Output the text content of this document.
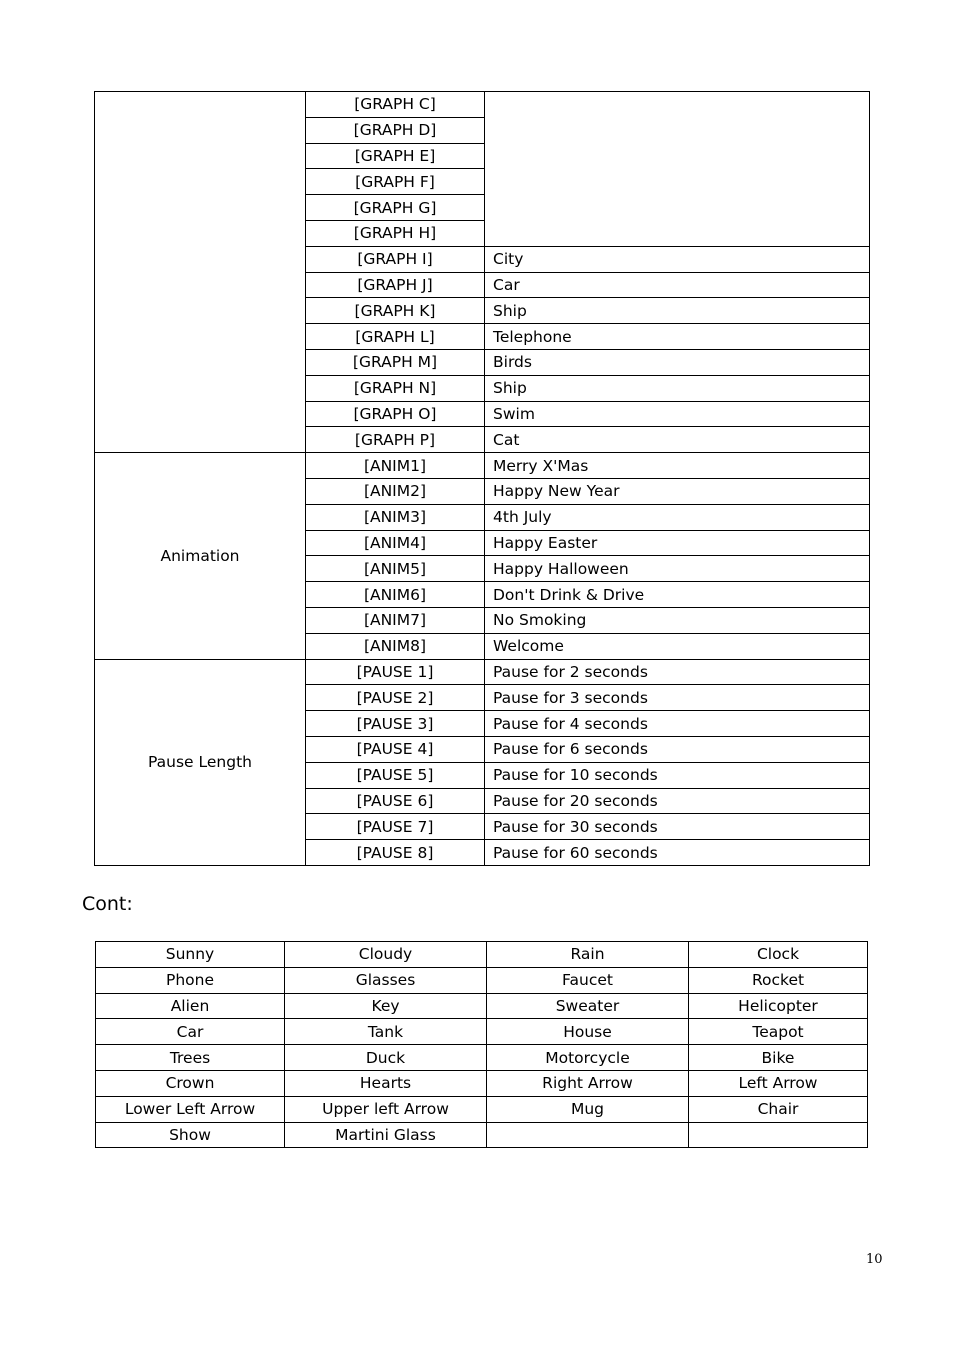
	[GRAPH C]	
	[GRAPH D]	
	[GRAPH E]	
	[GRAPH F]	
	[GRAPH G]	
	[GRAPH H]	
	[GRAPH I]	City
	[GRAPH J]	Car
	[GRAPH K]	Ship
	[GRAPH L]	Telephone
	[GRAPH M]	Birds
	[GRAPH N]	Ship
	[GRAPH O]	Swim
	[GRAPH P]	Cat
Animation	[ANIM1]	Merry X'Mas
	[ANIM2]	Happy New Year
	[ANIM3]	4th July
	[ANIM4]	Happy Easter
	[ANIM5]	Happy Halloween
	[ANIM6]	Don't Drink & Drive
	[ANIM7]	No Smoking
	[ANIM8]	Welcome
Pause Length	[PAUSE 1]	Pause for 2 seconds
	[PAUSE 2]	Pause for 3 seconds
	[PAUSE 3]	Pause for 4 seconds
	[PAUSE 4]	Pause for 6 seconds
	[PAUSE 5]	Pause for 10 seconds
	[PAUSE 6]	Pause for 20 seconds
	[PAUSE 7]	Pause for 30 seconds
	[PAUSE 8]	Pause for 60 seconds
Cont:
Sunny	Cloudy	Rain	Clock
Phone	Glasses	Faucet	Rocket
Alien	Key	Sweater	Helicopter
Car	Tank	House	Teapot
Trees	Duck	Motorcycle	Bike
Crown	Hearts	Right Arrow	Left Arrow
Lower Left Arrow	Upper left Arrow	Mug	Chair
Show	Martini Glass		
10
